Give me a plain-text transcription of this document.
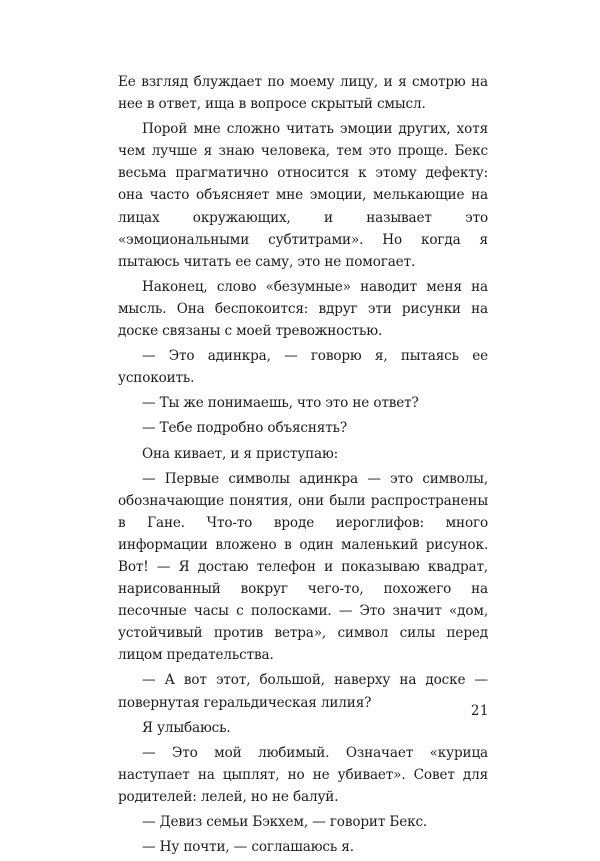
Ее взгляд блуждает по моему лицу, и я смотрю на нее в ответ, ища в вопросе скрытый смысл.

Порой мне сложно читать эмоции других, хотя чем лучше я знаю человека, тем это проще. Бекс весьма прагматично относится к этому дефекту: она часто объясняет мне эмоции, мелькающие на лицах окружающих, и называет это «эмоциональными субтитрами». Но когда я пытаюсь читать ее саму, это не помогает.

Наконец, слово «безумные» наводит меня на мысль. Она беспокоится: вдруг эти рисунки на доске связаны с моей тревожностью.

— Это адинкра, — говорю я, пытаясь ее успокоить.

— Ты же понимаешь, что это не ответ?

— Тебе подробно объяснять?

Она кивает, и я приступаю:

— Первые символы адинкра — это символы, обозначающие понятия, они были распространены в Гане. Что-то вроде иероглифов: много информации вложено в один маленький рисунок. Вот! — Я достаю телефон и показываю квадрат, нарисованный вокруг чего-то, похожего на песочные часы с полосками. — Это значит «дом, устойчивый против ветра», символ силы перед лицом предательства.

— А вот этот, большой, наверху на доске — повернутая геральдическая лилия?

Я улыбаюсь.

— Это мой любимый. Означает «курица наступает на цыплят, но не убивает». Совет для родителей: лелей, но не балуй.

— Девиз семьи Бэкхем, — говорит Бекс.

— Ну почти, — соглашаюсь я.

21
